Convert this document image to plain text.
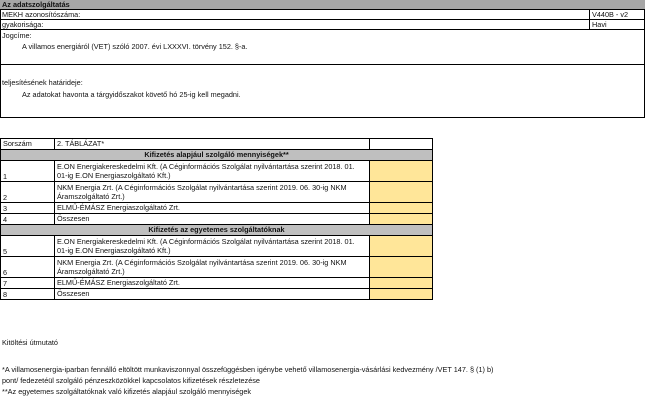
Az adatszolgáltatás
MEKH azonosítószáma:	V440B - v2
gyakorisága:	Havi
Jogcíme:
A villamos energiáról (VET) szóló 2007. évi LXXXVI. törvény 152. §-a.
teljesítésének határideje:
Az adatokat havonta a tárgyidőszakot követő hó 25-ig kell megadni.
Sorszám	2. TÁBLÁZAT*	
Kifizetés alapjául szolgáló mennyiségek**		
1	E.ON Energiakereskedelmi Kft. (A Céginformációs Szolgálat nyilvántartása szerint 2018. 01. 01-ig E.ON Energiaszolgáltató Kft.)	
2	NKM Energia Zrt. (A Céginformációs Szolgálat nyilvántartása szerint 2019. 06. 30-ig NKM Áramszolgáltató Zrt.)	
3	ELMŰ-ÉMÁSZ Energiaszolgáltató Zrt.	
4	Összesen	
Kifizetés az egyetemes szolgáltatóknak		
5	E.ON Energiakereskedelmi Kft. (A Céginformációs Szolgálat nyilvántartása szerint 2018. 01. 01-ig E.ON Energiaszolgáltató Kft.)	
6	NKM Energia Zrt. (A Céginformációs Szolgálat nyilvántartása szerint 2019. 06. 30-ig NKM Áramszolgáltató Zrt.)	
7	ELMŰ-ÉMÁSZ Energiaszolgáltató Zrt.	
8	Összesen	
Kitöltési útmutató
*A villamosenergia-iparban fennálló eltöltött munkaviszonnyal összefüggésben igénybe vehető villamosenergia-vásárlási kedvezmény /VET 147. § (1) b)
pont/ fedezetéül szolgáló pénzeszközökkel kapcsolatos kifizetések részletezése
**Az egyetemes szolgáltatóknak való kifizetés alapjául szolgáló mennyiségek
